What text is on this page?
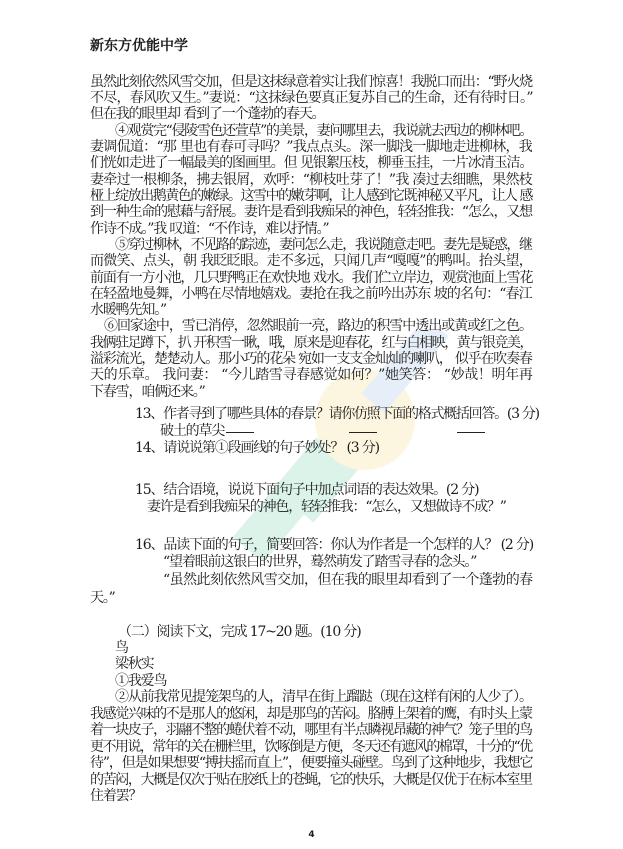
新东方优能中学
虽然此刻依然风雪交加，但是这抹绿意着实让我们惊喜！我脱口而出：“野火烧
不尽，春风吹又生。”妻说：“这抹绿色要真正复苏自己的生命，还有待时日。”
但在我的眼里却 看到了一个蓬勃的春天。
④观赏完“侵陵雪色还萱草”的美景，妻问哪里去，我说就去西边的柳林吧。
妻调侃道：“那 里也有春可寻吗？”我点点头。深一脚浅一脚地走进柳林，我
们恍如走进了一幅最美的图画里。但 见银絮压枝，柳垂玉挂，一片冰清玉洁。
妻牵过一根柳条，拂去银屑，欢呼：“柳枝吐芽了！”我 凑过去细瞧，果然枝
桠上绽放出鹅黄色的嫩绿。这雪中的嫩芽啊，让人感到它既神秘又平凡，让人 感
到一种生命的慰藉与舒展。妻许是看到我痴呆的神色，轻轻推我：“怎么，又想
作诗不成。”我 叹道：“不作诗，难以抒情。”
⑤穿过柳林，不见路的踪迹，妻问怎么走，我说随意走吧。妻先是疑惑，继
而微笑、点头，朝 我眨眨眼。走不多远，只闻几声“嘎嘎”的鸭叫。抬头望，
前面有一方小池，几只野鸭正在欢快地 戏水。我们伫立岸边，观赏池面上雪花
在轻盈地曼舞，小鸭在尽情地嬉戏。妻抢在我之前吟出苏东 坡的名句：“春江
水暖鸭先知。”
⑥回家途中，雪已消停，忽然眼前一亮，路边的积雪中透出或黄或红之色。
我俩驻足蹲下，扒 开积雪一瞅，哦，原来是迎春花，红与白相映，黄与银竞美，
溢彩流光，楚楚动人。那小巧的花朵 宛如一支支金灿灿的喇叭， 似乎在吹奏春
天的乐章。 我问妻： “今儿踏雪寻春感觉如何？”她笑答： “妙哉！明年再
下春雪，咱俩还来。”
13、作者寻到了哪些具体的春景？请你仿照下面的格式概括回答。(3 分)
破土的草尖
14、请说说第①段画线的句子妙处？ (3 分)
15、结合语境，说说下面句子中加点词语的表达效果。(2 分)
妻许是看到我痴呆的神色，轻轻推我：“怎么，又想做诗不成？”
16、品读下面的句子，简要回答：你认为作者是一个怎样的人？ (2 分)
“望着眼前这银白的世界，蓦然萌发了踏雪寻春的念头。”
“虽然此刻依然风雪交加，但在我的眼里却看到了一个蓬勃的春
天。”
（二）阅读下文，完成 17~20 题。(10 分)
鸟
梁秋实
①我爱鸟
②从前我常见提笼架鸟的人，清早在街上蹓跶（现在这样有闲的人少了）。
我感觉兴味的不是那人的悠闲，却是那鸟的苦闷。胳膊上架着的鹰，有时头上蒙
着一块皮子，羽翮不整的蜷伏着不动，哪里有半点瞵视昂藏的神气？笼子里的鸟
更不用说，常年的关在栅栏里，饮啄倒是方便，冬天还有遮风的棉罩，十分的“优
待”，但是如果想要“搏扶摇而直上”，便要撞头碰壁。鸟到了这种地步，我想它
的苦闷，大概是仅次于贴在胶纸上的苍蝇，它的快乐，大概是仅优于在标本室里
住着罢？
4
